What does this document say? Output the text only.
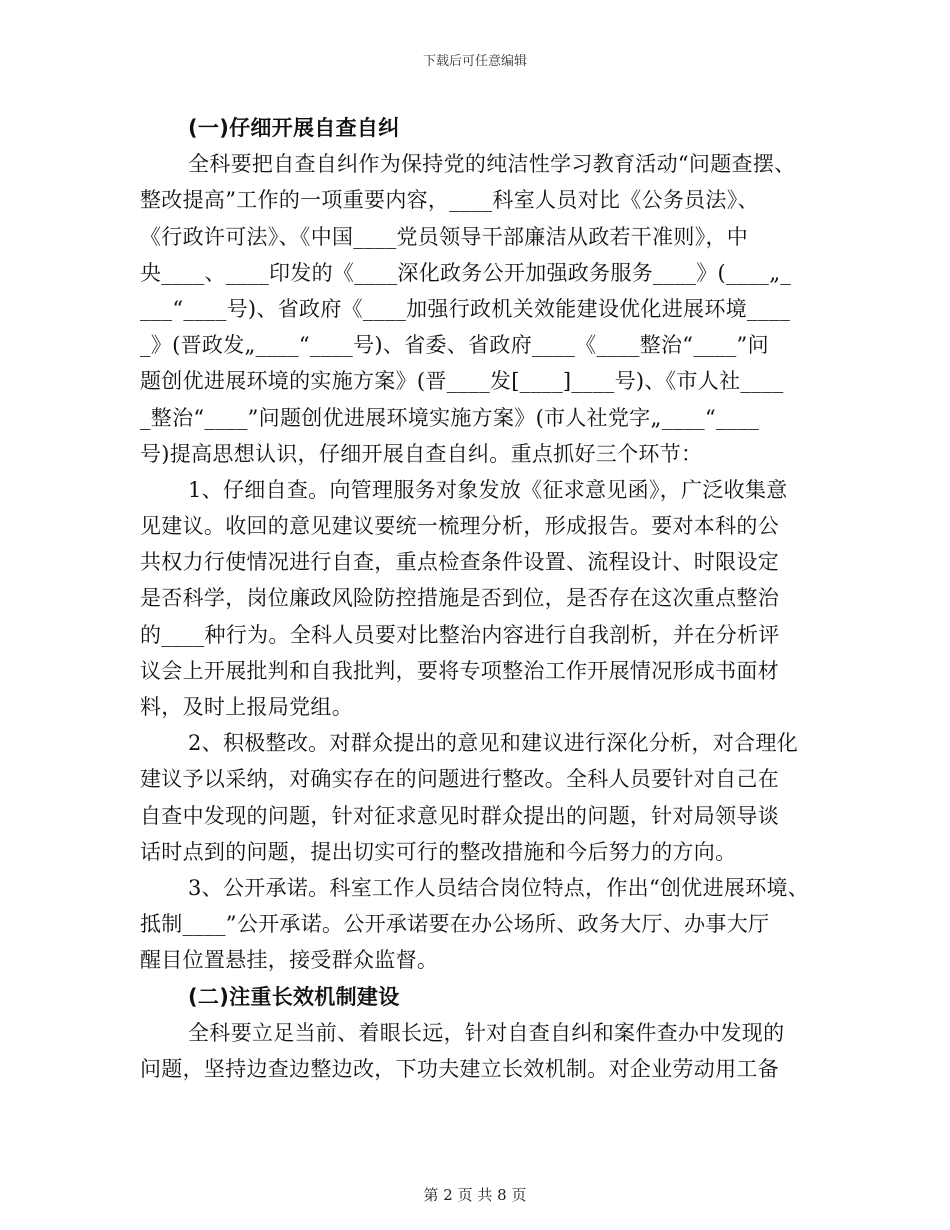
下载后可任意编辑
(一)仔细开展自查自纠
全科要把自查自纠作为保持党的纯洁性学习教育活动“问题查摆、
整改提高”工作的一项重要内容，____科室人员对比《公务员法》、
《行政许可法》、《中国____党员领导干部廉洁从政若干准则》，中
央____、____印发的《____深化政务公开加强政务服务____》(____„_
___“____号)、省政府《____加强行政机关效能建设优化进展环境____
_》(晋政发„____“____号)、省委、省政府____《____整治“____”问
题创优进展环境的实施方案》(晋____发[____]____号)、《市人社____
_整治“____”问题创优进展环境实施方案》(市人社党字„____“____
号)提高思想认识，仔细开展自查自纠。重点抓好三个环节：
1、仔细自查。向管理服务对象发放《征求意见函》，广泛收集意
见建议。收回的意见建议要统一梳理分析，形成报告。要对本科的公
共权力行使情况进行自查，重点检查条件设置、流程设计、时限设定
是否科学，岗位廉政风险防控措施是否到位，是否存在这次重点整治
的____种行为。全科人员要对比整治内容进行自我剖析，并在分析评
议会上开展批判和自我批判，要将专项整治工作开展情况形成书面材
料，及时上报局党组。
2、积极整改。对群众提出的意见和建议进行深化分析，对合理化
建议予以采纳，对确实存在的问题进行整改。全科人员要针对自己在
自查中发现的问题，针对征求意见时群众提出的问题，针对局领导谈
话时点到的问题，提出切实可行的整改措施和今后努力的方向。
3、公开承诺。科室工作人员结合岗位特点，作出“创优进展环境、
抵制____”公开承诺。公开承诺要在办公场所、政务大厅、办事大厅
醒目位置悬挂，接受群众监督。
(二)注重长效机制建设
全科要立足当前、着眼长远，针对自查自纠和案件查办中发现的
问题，坚持边查边整边改，下功夫建立长效机制。对企业劳动用工备
第 2 页 共 8 页
